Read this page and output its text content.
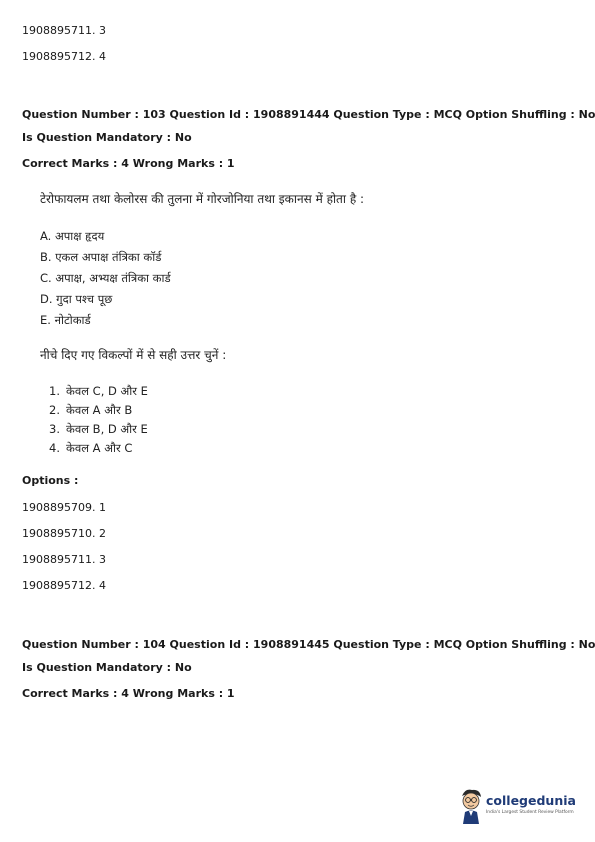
1908895711. 3
1908895712. 4
Question Number : 103 Question Id : 1908891444 Question Type : MCQ Option Shuffling : No
Is Question Mandatory : No
Correct Marks : 4 Wrong Marks : 1
टेरोफायलम तथा केलोरस की तुलना में गोरजोनिया तथा इकानस में होता है :
A. अपाक्ष हृदय
B. एकल अपाक्ष तंत्रिका कॉर्ड
C. अपाक्ष, अभ्यक्ष तंत्रिका कार्ड
D. गुदा पश्च पूछ
E. नोटोकार्ड
नीचे दिए गए विकल्पों में से सही उत्तर चुनें :
1. केवल C, D और E
2. केवल A और B
3. केवल B, D और E
4. केवल A और C
Options :
1908895709. 1
1908895710. 2
1908895711. 3
1908895712. 4
Question Number : 104 Question Id : 1908891445 Question Type : MCQ Option Shuffling : No
Is Question Mandatory : No
Correct Marks : 4 Wrong Marks : 1
collegedunia
India's Largest Student Review Platform
